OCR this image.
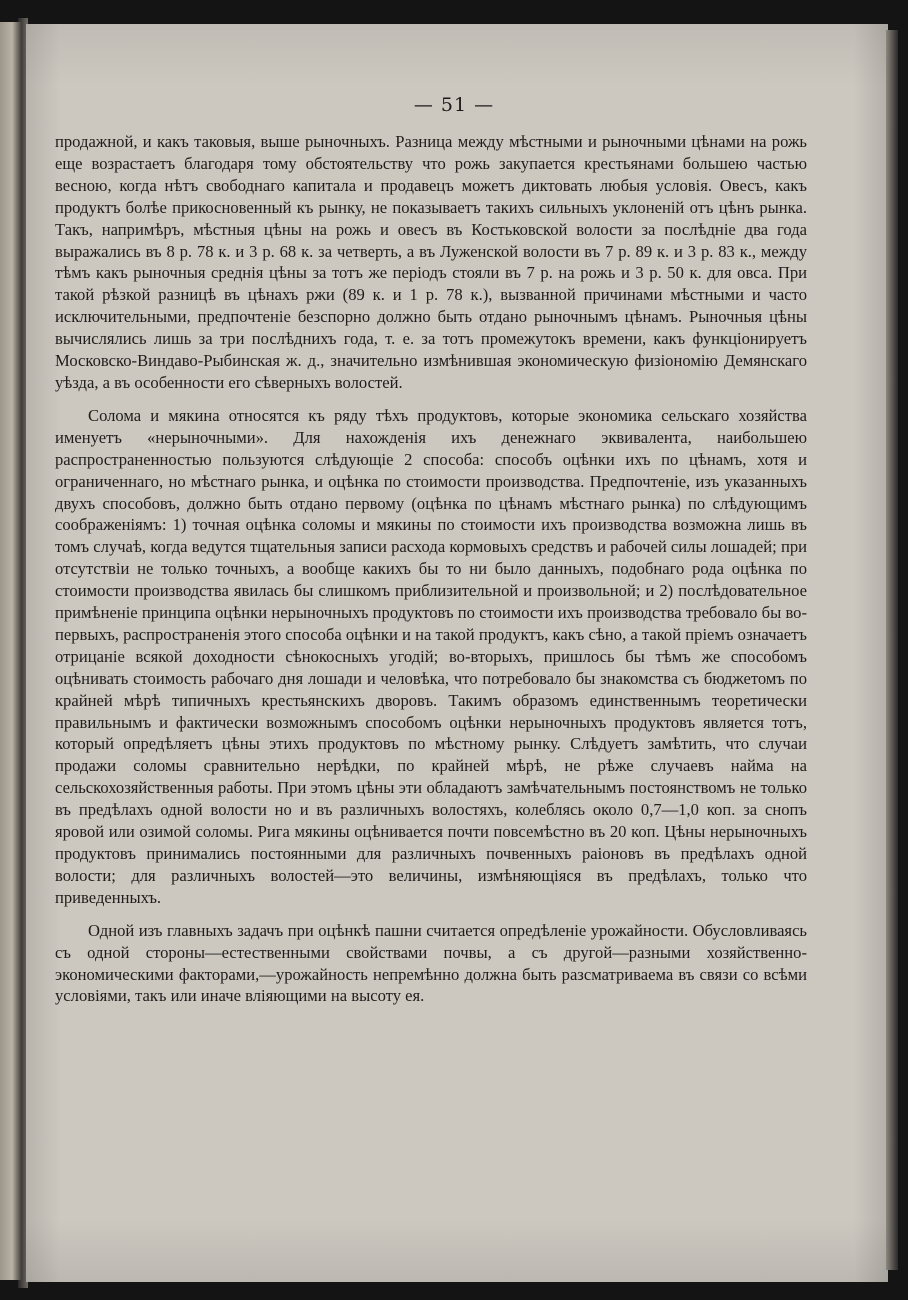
— 51 —

продажной, и какъ таковыя, выше рыночныхъ. Разница между мѣстными и рыночными цѣнами на рожь еще возрастаетъ благодаря тому обстоятельству что рожь закупается крестьянами большею частью весною, когда нѣтъ свободнаго капитала и продавецъ можетъ диктовать любыя условія. Овесъ, какъ продуктъ болѣе прикосновенный къ рынку, не показываетъ такихъ сильныхъ уклоненій отъ цѣнъ рынка. Такъ, напримѣръ, мѣстныя цѣны на рожь и овесъ въ Костьковской волости за послѣдніе два года выражались въ 8 р. 78 к. и 3 р. 68 к. за четверть, а въ Луженской волости въ 7 р. 89 к. и 3 р. 83 к., между тѣмъ какъ рыночныя среднія цѣны за тотъ же періодъ стояли въ 7 р. на рожь и 3 р. 50 к. для овса. При такой рѣзкой разницѣ въ цѣнахъ ржи (89 к. и 1 р. 78 к.), вызванной причинами мѣстными и часто исключительными, предпочтеніе безспорно должно быть отдано рыночнымъ цѣнамъ. Рыночныя цѣны вычислялись лишь за три послѣднихъ года, т. е. за тотъ промежутокъ времени, какъ функціонируетъ Московско-Виндаво-Рыбинская ж. д., значительно измѣнившая экономическую физіономію Демянскаго уѣзда, а въ особенности его сѣверныхъ волостей.

Солома и мякина относятся къ ряду тѣхъ продуктовъ, которые экономика сельскаго хозяйства именуетъ «нерыночными». Для нахожденія ихъ денежнаго эквивалента, наибольшею распространенностью пользуются слѣдующіе 2 способа: способъ оцѣнки ихъ по цѣнамъ, хотя и ограниченнаго, но мѣстнаго рынка, и оцѣнка по стоимости производства. Предпочтеніе, изъ указанныхъ двухъ способовъ, должно быть отдано первому (оцѣнка по цѣнамъ мѣстнаго рынка) по слѣдующимъ соображеніямъ: 1) точная оцѣнка соломы и мякины по стоимости ихъ производства возможна лишь въ томъ случаѣ, когда ведутся тщательныя записи расхода кормовыхъ средствъ и рабочей силы лошадей; при отсутствіи не только точныхъ, а вообще какихъ бы то ни было данныхъ, подобнаго рода оцѣнка по стоимости производства явилась бы слишкомъ приблизительной и произвольной; и 2) послѣдовательное примѣненіе принципа оцѣнки нерыночныхъ продуктовъ по стоимости ихъ производства требовало бы во-первыхъ, распространенія этого способа оцѣнки и на такой продуктъ, какъ сѣно, а такой пріемъ означаетъ отрицаніе всякой доходности сѣнокосныхъ угодій; во-вторыхъ, пришлось бы тѣмъ же способомъ оцѣнивать стоимость рабочаго дня лошади и человѣка, что потребовало бы знакомства съ бюджетомъ по крайней мѣрѣ типичныхъ крестьянскихъ дворовъ. Такимъ образомъ единственнымъ теоретически правильнымъ и фактически возможнымъ способомъ оцѣнки нерыночныхъ продуктовъ является тотъ, который опредѣляетъ цѣны этихъ продуктовъ по мѣстному рынку. Слѣдуетъ замѣтить, что случаи продажи соломы сравнительно нерѣдки, по крайней мѣрѣ, не рѣже случаевъ найма на сельскохозяйственныя работы. При этомъ цѣны эти обладаютъ замѣчательнымъ постоянствомъ не только въ предѣлахъ одной волости но и въ различныхъ волостяхъ, колеблясь около 0,7—1,0 коп. за снопъ яровой или озимой соломы. Рига мякины оцѣнивается почти повсемѣстно въ 20 коп. Цѣны нерыночныхъ продуктовъ принимались постоянными для различныхъ почвенныхъ раіоновъ въ предѣлахъ одной волости; для различныхъ волостей—это величины, измѣняющіяся въ предѣлахъ, только что приведенныхъ.

Одной изъ главныхъ задачъ при оцѣнкѣ пашни считается опредѣленіе урожайности. Обусловливаясь съ одной стороны—естественными свойствами почвы, а съ другой—разными хозяйственно-экономическими факторами,—урожайность непремѣнно должна быть разсматриваема въ связи со всѣми условіями, такъ или иначе вліяющими на высоту ея.
